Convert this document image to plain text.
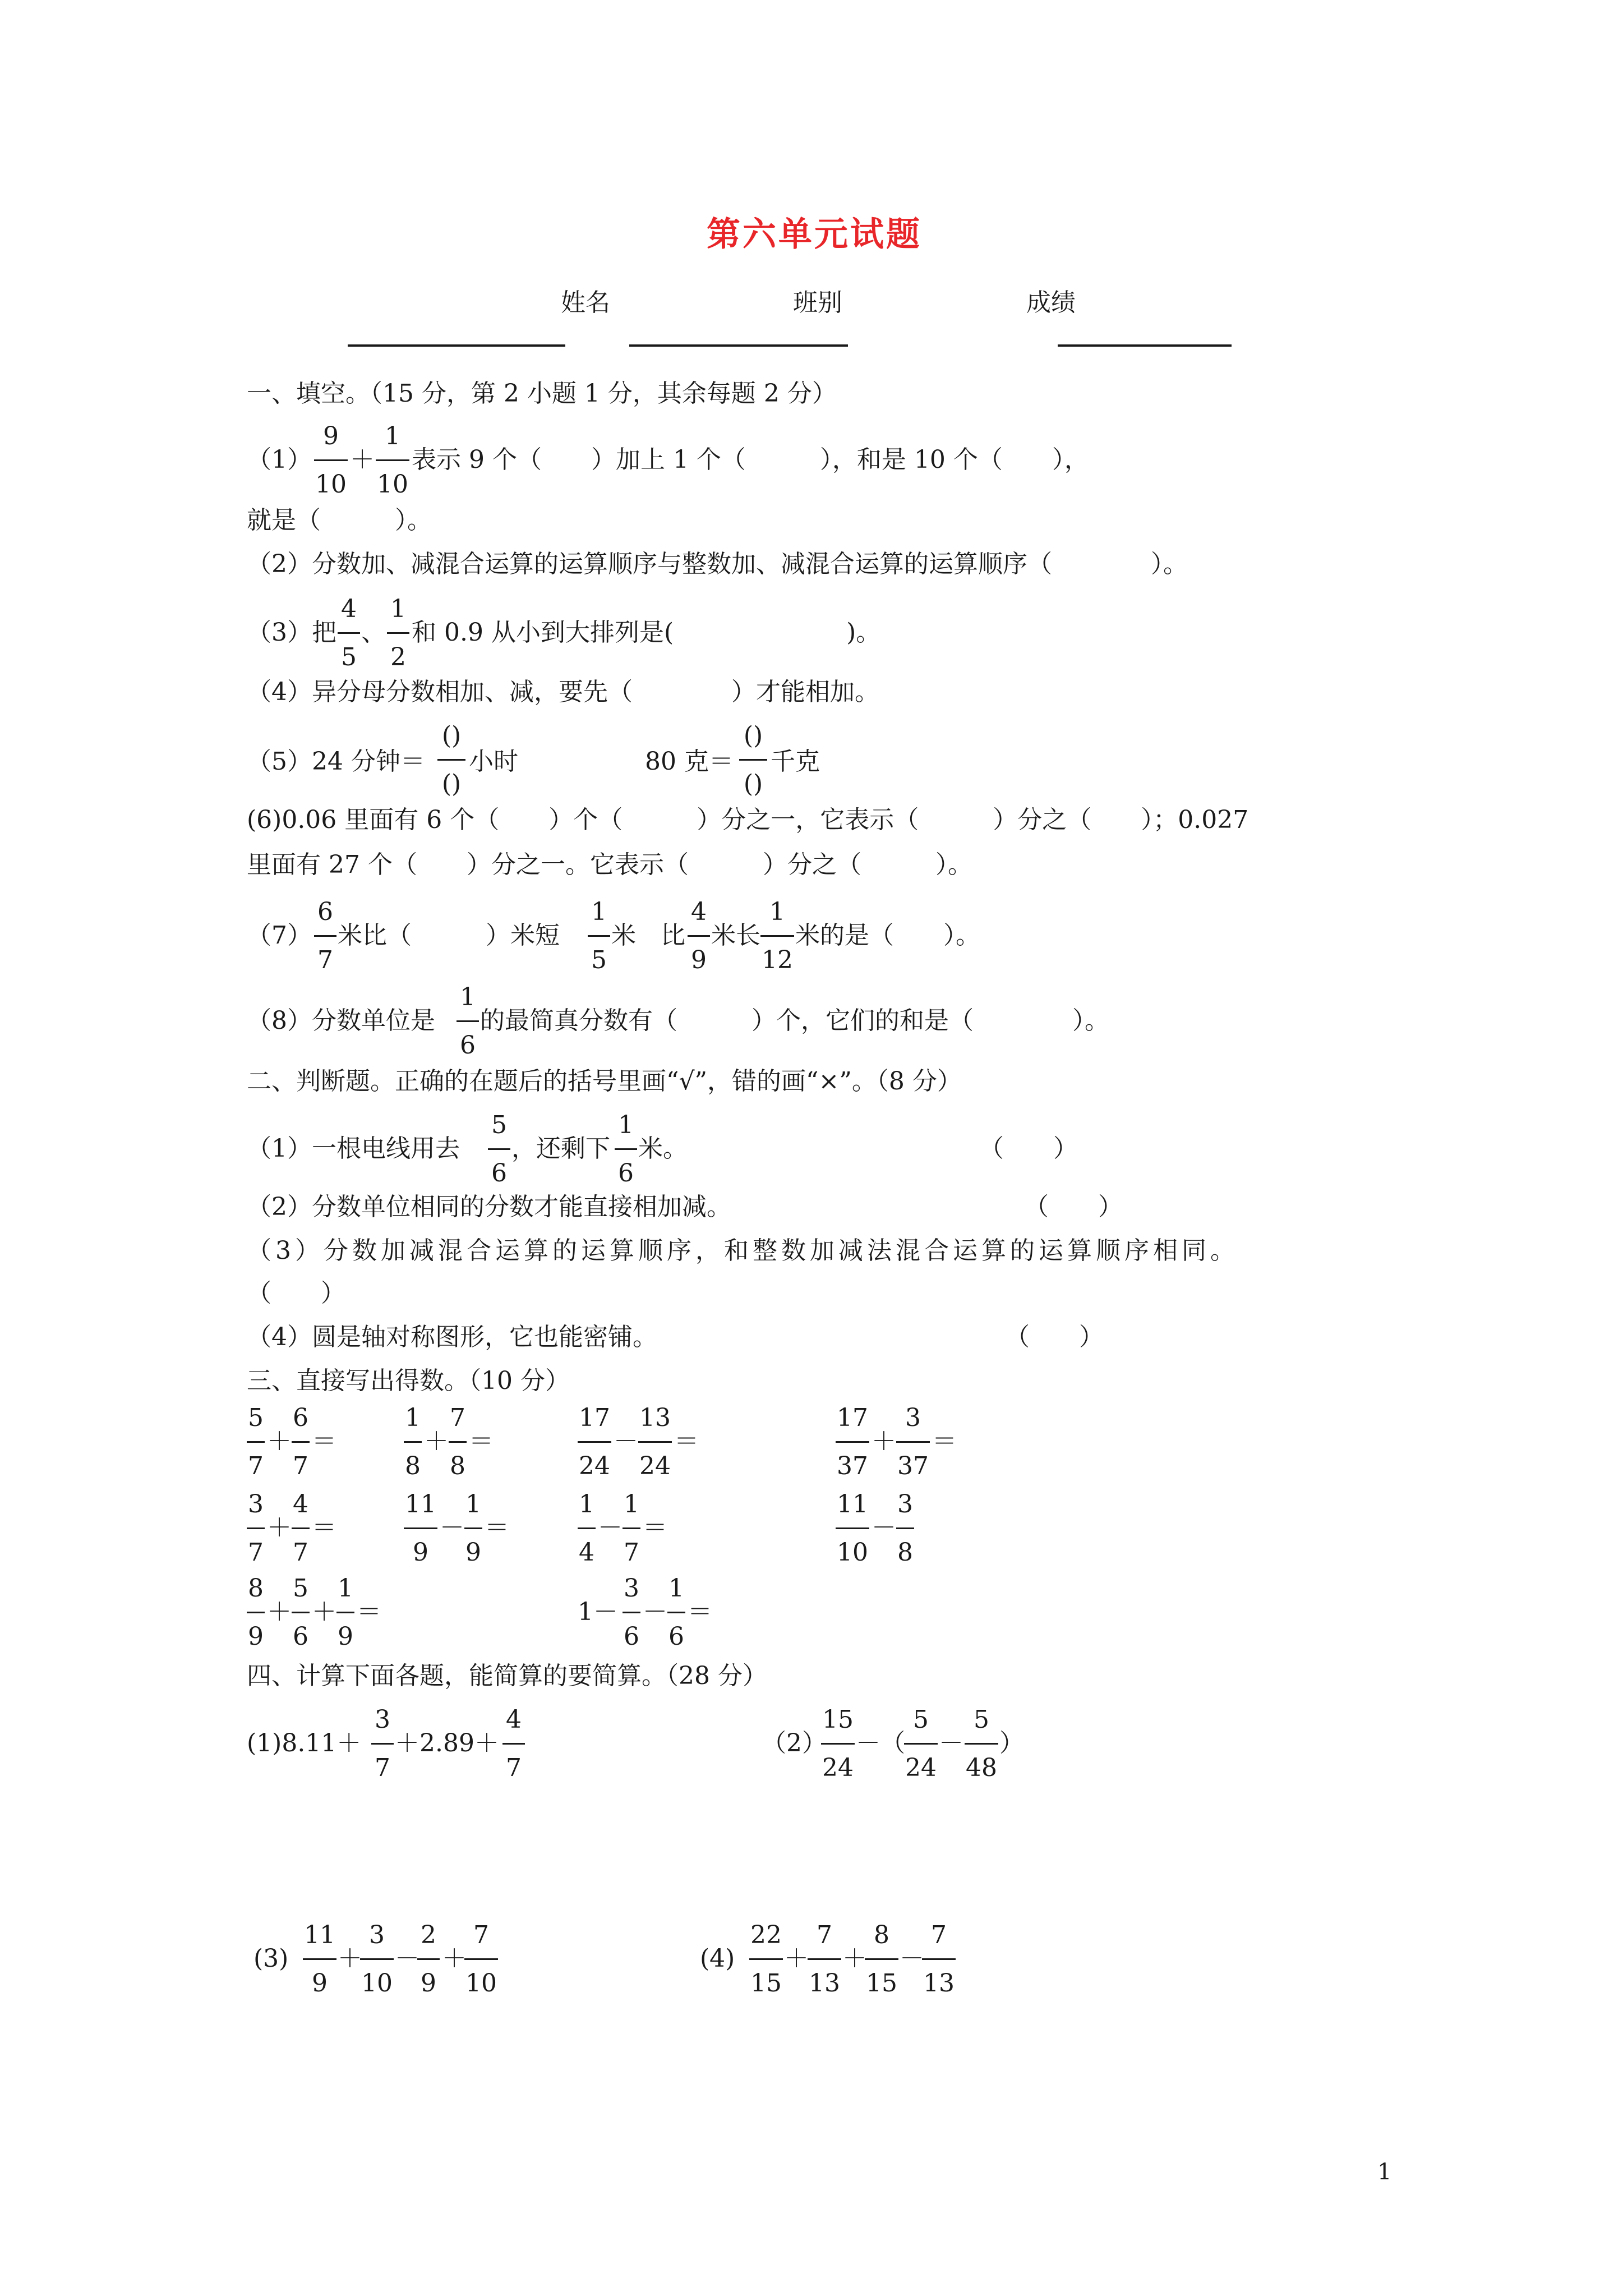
第六单元试题
姓名	班别	成绩
一、填空。（15 分，第 2 小题 1 分，其余每题 2 分）
（1）
9
10
＋
1
10
表示 9 个（　　）加上 1 个（　　　），和是 10 个（　　），
就是（　　　）。
（2）分数加、减混合运算的运算顺序与整数加、减混合运算的运算顺序（　　　　）。
（3）把
4
5
、
1
2
和 0.9 从小到大排列是(　　　　　　　)。
（4）异分母分数相加、减，要先（　　　　）才能相加。
（5）24 分钟＝
()
()
小时	80 克＝
()
()
千克
(6)0.06 里面有 6 个（　　）个（　　　）分之一，它表示（　　　）分之（　　）；0.027
里面有 27 个（　　）分之一。它表示（　　　）分之（　　　）。
（7）
6
7
米比（　　　）米短
1
5
米　比
4
9
米长
1
12
米的是（　　）。
（8）分数单位是
1
6
的最简真分数有（　　　）个，它们的和是（　　　　）。
二、判断题。正确的在题后的括号里画“√”，错的画“×”。（8 分）
（1）一根电线用去
5
6
，还剩下
1
6
米。	（　　）
（2）分数单位相同的分数才能直接相加减。	（　　）
（3）分数加减混合运算的运算顺序，和整数加减法混合运算的运算顺序相同。
（　　）
（4）圆是轴对称图形，它也能密铺。	（　　）
三、直接写出得数。（10 分）
5
7
＋
6
7
＝
1
8
＋
7
8
＝
17
24
－
13
24
＝
17
37
＋
3
37
＝
3
7
＋
4
7
＝
11
9
－
1
9
＝
1
4
－
1
7
＝
11
10
－
3
8
8
9
＋
5
6
＋
1
9
＝	1－
3
6
－
1
6
＝
四、计算下面各题，能简算的要简算。（28 分）
(1)8.11＋
3
7
＋2.89＋
4
7
（2）
15
24
－（
5
24
－
5
48
）
(3)
11
9
＋
3
10
－
2
9
＋
7
10
(4)
22
15
＋
7
13
＋
8
15
－
7
13
1
